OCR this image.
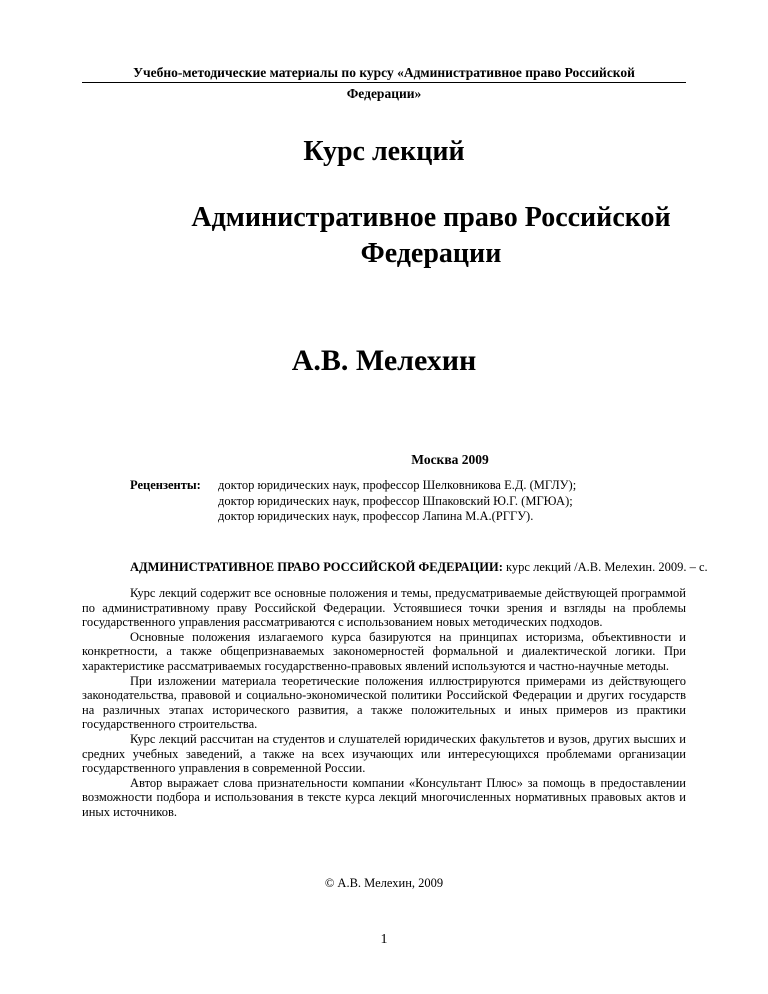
Учебно-методические материалы по курсу «Административное право Российской
Федерации»
Курс лекций
Административное право Российской
Федерации
А.В. Мелехин
Москва 2009
Рецензенты: доктор юридических наук, профессор Шелковникова Е.Д. (МГЛУ);
доктор юридических наук, профессор Шпаковский Ю.Г. (МГЮА);
доктор юридических наук, профессор Лапина М.А.(РГГУ).
АДМИНИСТРАТИВНОЕ ПРАВО РОССИЙСКОЙ ФЕДЕРАЦИИ: курс лекций /А.В. Мелехин. 2009. – с.

Курс лекций содержит все основные положения и темы, предусматриваемые действующей программой по административному праву Российской Федерации. Устоявшиеся точки зрения и взгляды на проблемы государственного управления рассматриваются с использованием новых методических подходов.

Основные положения излагаемого курса базируются на принципах историзма, объективности и конкретности, а также общепризнаваемых закономерностей формальной и диалектической логики. При характеристике рассматриваемых государственно-правовых явлений используются и частно-научные методы.

При изложении материала теоретические положения иллюстрируются примерами из действующего законодательства, правовой и социально-экономической политики Российской Федерации и других государств на различных этапах исторического развития, а также положительных и иных примеров из практики государственного строительства.

Курс лекций рассчитан на студентов и слушателей юридических факультетов и вузов, других высших и средних учебных заведений, а также на всех изучающих или интересующихся проблемами организации государственного управления в современной России.

Автор выражает слова признательности компании «Консультант Плюс» за помощь в предоставлении возможности подбора и использования в тексте курса лекций многочисленных нормативных правовых актов и иных источников.

© А.В. Мелехин, 2009
1
